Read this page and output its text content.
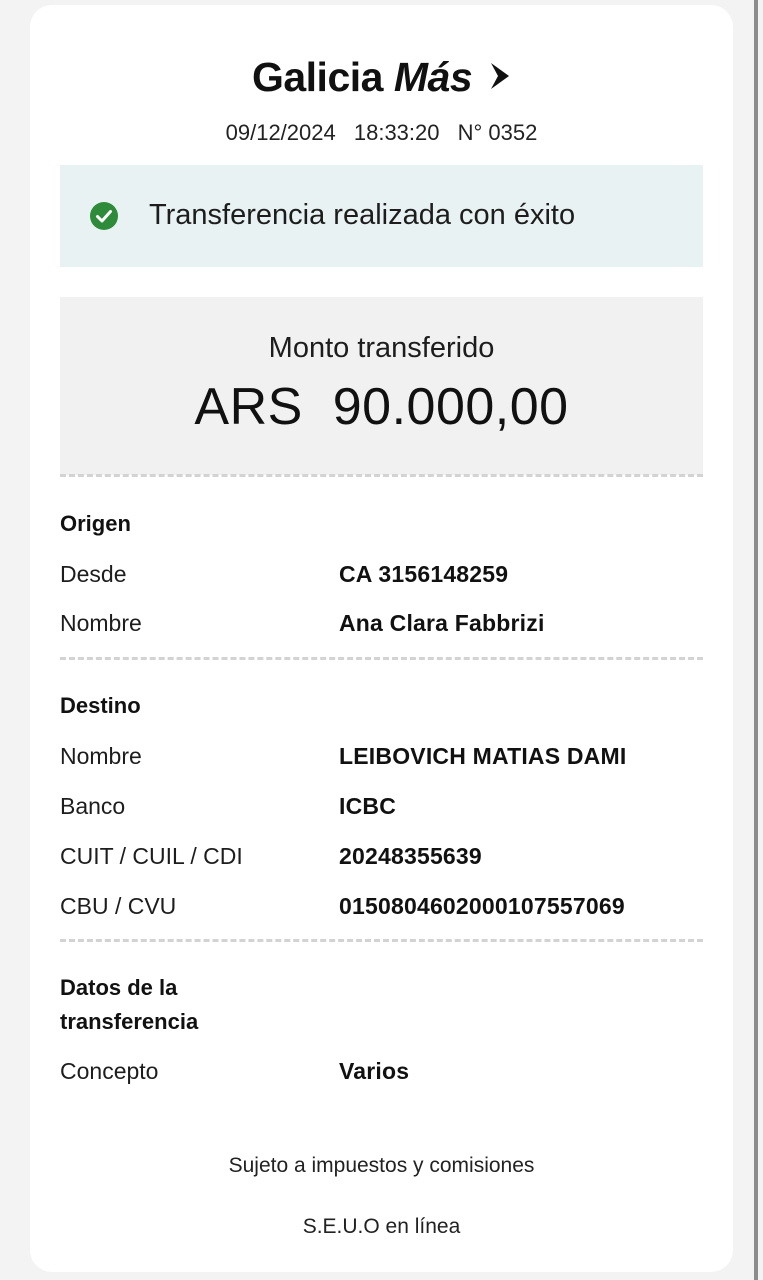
Galicia Más
09/12/2024 18:33:20 N° 0352
Transferencia realizada con éxito
Monto transferido
ARS  90.000,00
Origen
Desde	CA 3156148259
Nombre	Ana Clara Fabbrizi
Destino
Nombre	LEIBOVICH MATIAS DAMI
Banco	ICBC
CUIT / CUIL / CDI	20248355639
CBU / CVU	0150804602000107557069
Datos de la
transferencia
Concepto	Varios
Sujeto a impuestos y comisiones
S.E.U.O en línea
